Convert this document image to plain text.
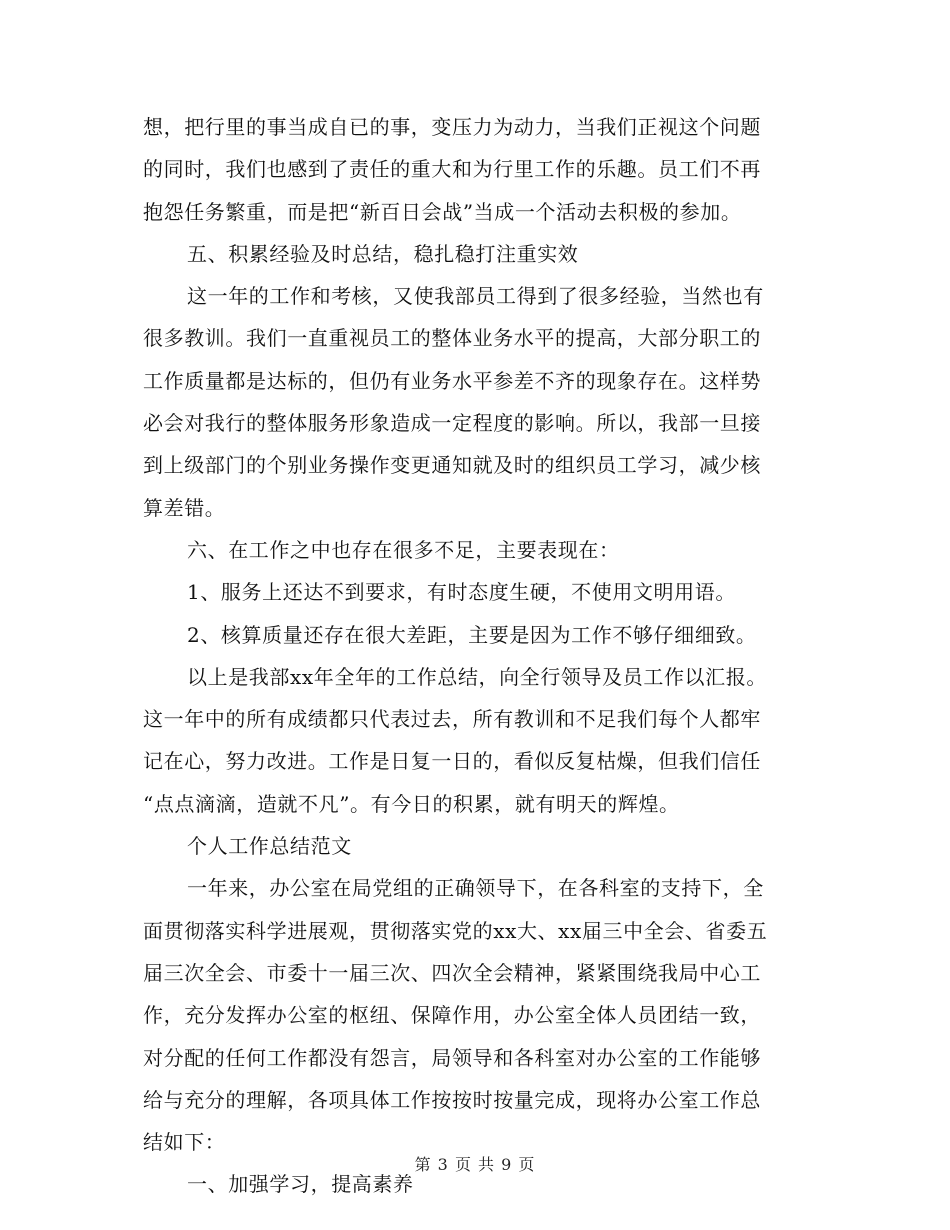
想，把行里的事当成自已的事，变压力为动力，当我们正视这个问题
的同时，我们也感到了责任的重大和为行里工作的乐趣。员工们不再
抱怨任务繁重，而是把“新百日会战”当成一个活动去积极的参加。
五、积累经验及时总结，稳扎稳打注重实效
这一年的工作和考核，又使我部员工得到了很多经验，当然也有
很多教训。我们一直重视员工的整体业务水平的提高，大部分职工的
工作质量都是达标的，但仍有业务水平参差不齐的现象存在。这样势
必会对我行的整体服务形象造成一定程度的影响。所以，我部一旦接
到上级部门的个别业务操作变更通知就及时的组织员工学习，减少核
算差错。
六、在工作之中也存在很多不足，主要表现在：
1、服务上还达不到要求，有时态度生硬，不使用文明用语。
2、核算质量还存在很大差距，主要是因为工作不够仔细细致。
以上是我部xx年全年的工作总结，向全行领导及员工作以汇报。
这一年中的所有成绩都只代表过去，所有教训和不足我们每个人都牢
记在心，努力改进。工作是日复一日的，看似反复枯燥，但我们信任
“点点滴滴，造就不凡”。有今日的积累，就有明天的辉煌。
个人工作总结范文
一年来，办公室在局党组的正确领导下，在各科室的支持下，全
面贯彻落实科学进展观，贯彻落实党的xx大、xx届三中全会、省委五
届三次全会、市委十一届三次、四次全会精神，紧紧围绕我局中心工
作，充分发挥办公室的枢纽、保障作用，办公室全体人员团结一致，
对分配的任何工作都没有怨言，局领导和各科室对办公室的工作能够
给与充分的理解，各项具体工作按按时按量完成，现将办公室工作总
结如下：
一、加强学习，提高素养
第 3 页 共 9 页
